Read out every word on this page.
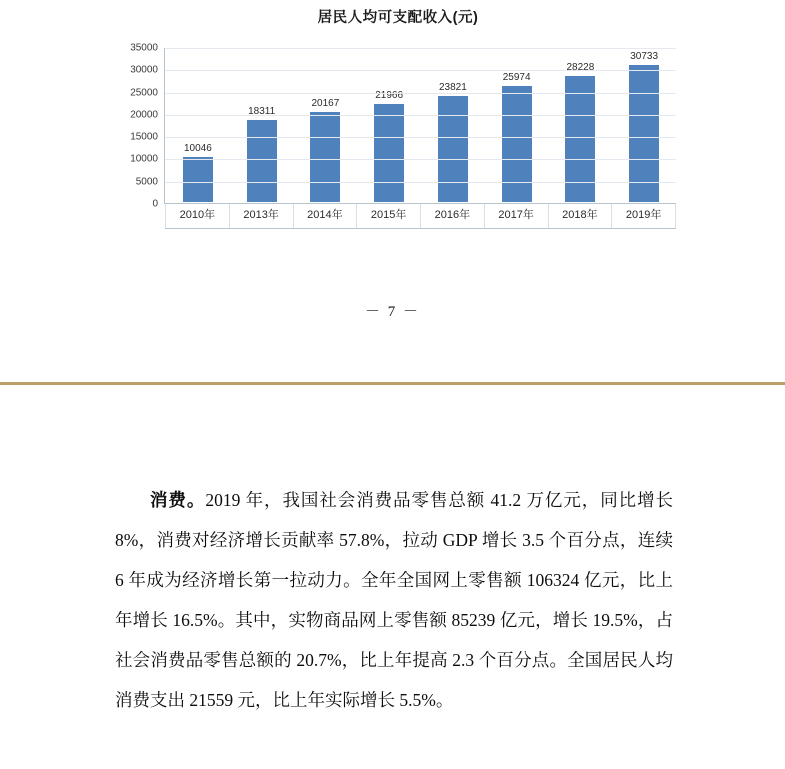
居民人均可支配收入(元)
0
5000
10000
15000
20000
25000
30000
35000
10046
18311
20167
21966
23821
25974
28228
30733
2010年	2013年	2014年	2015年	2016年	2017年	2018年	2019年
－ 7 －

消费。2019 年，我国社会消费品零售总额 41.2 万亿元，同比增长 8%，消费对经济增长贡献率 57.8%，拉动 GDP 增长 3.5 个百分点，连续 6 年成为经济增长第一拉动力。全年全国网上零售额 106324 亿元，比上年增长 16.5%。其中，实物商品网上零售额 85239 亿元，增长 19.5%，占社会消费品零售总额的 20.7%，比上年提高 2.3 个百分点。全国居民人均消费支出 21559 元，比上年实际增长 5.5%。
